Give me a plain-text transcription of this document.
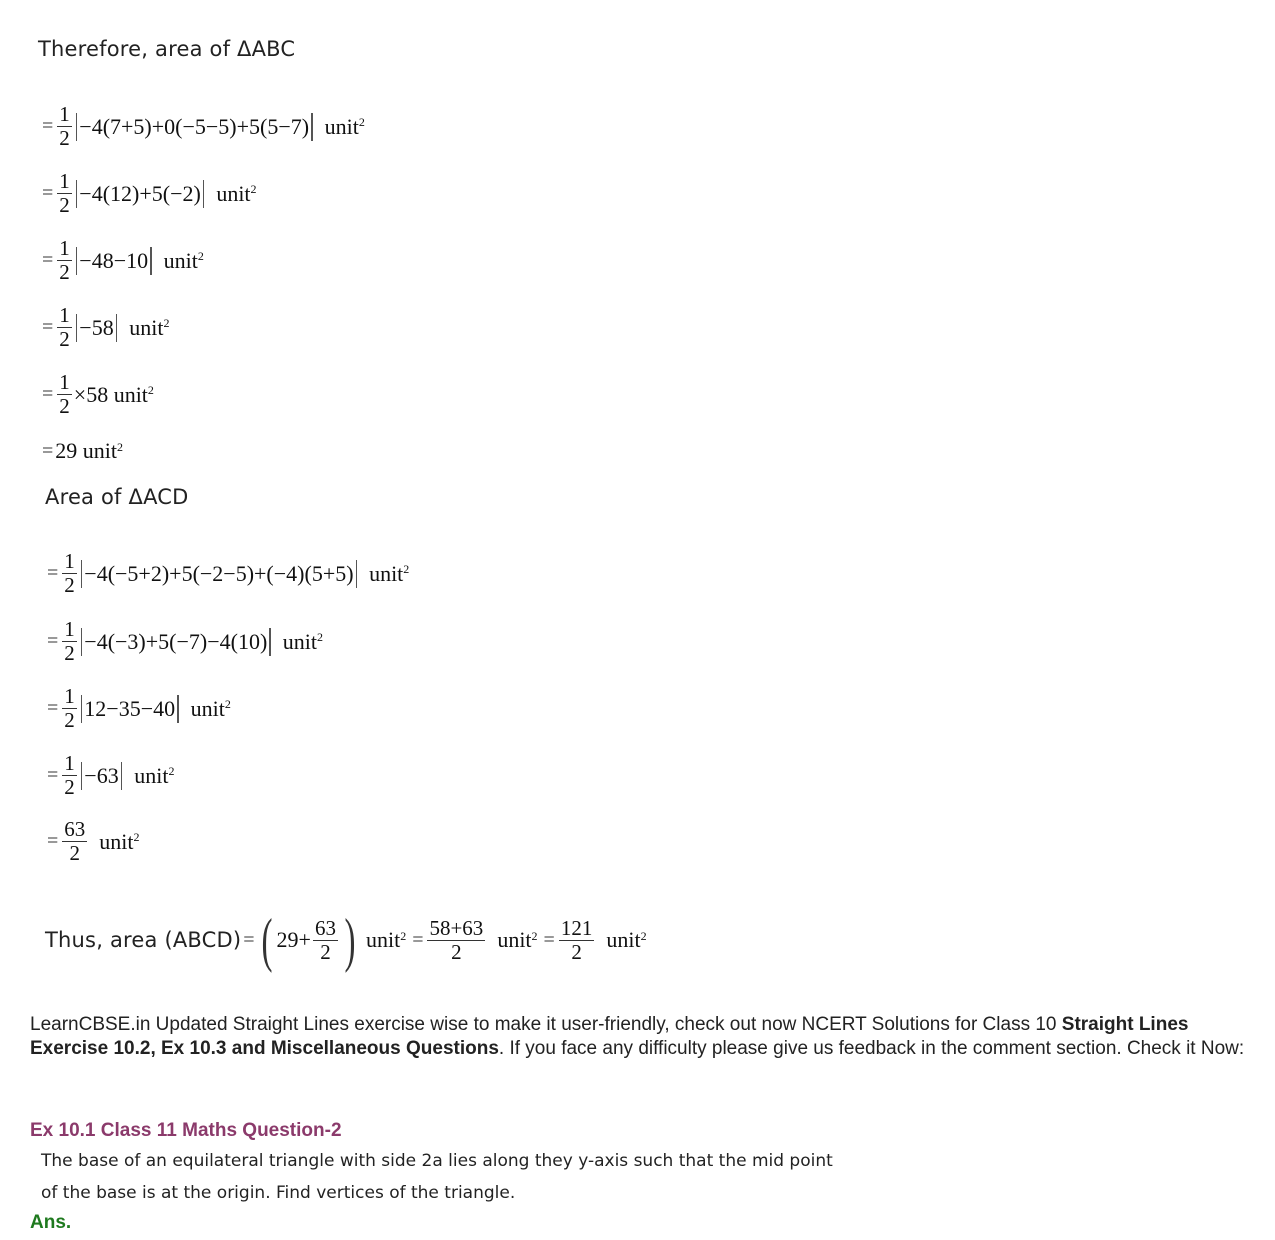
Therefore, area of ΔABC
= $\frac{1}{2} -4(7+5)+0(-5-5)+5(5-7)$ unit 2
= $\frac{1}{2} -4(12)+5(-2)$ unit 2
= $\frac{1}{2} -48-10$ unit 2
= $\frac{1}{2} -58$ unit 2
= $\frac{1}{2} \times 58$ unit 2
= 29 unit 2
Area of ΔACD
= $\frac{1}{2} -4(-5+2)+5(-2-5)+(-4)(5+5)$ unit 2
= $\frac{1}{2} -4(-3)+5(-7)-4(10)$ unit 2
= $\frac{1}{2} 12-35-40$ unit 2
= $\frac{1}{2} -63$ unit 2
= $\frac{63}{2}$ unit 2
Thus, area (ABCD) = ( $29+ \frac{63}{2}$ ) unit $2 = \frac{58+63}{2}$ unit $2 = \frac{121}{2}$ unit 2
LearnCBSE.in Updated Straight Lines exercise wise to make it user-friendly, check out now NCERT Solutions for Class 10 Straight Lines Exercise 10.2, Ex 10.3 and Miscellaneous Questions. If you face any difficulty please give us feedback in the comment section. Check it Now:
Ex 10.1 Class 11 Maths Question-2
The base of an equilateral triangle with side 2a lies along they y-axis such that the mid point
of the base is at the origin. Find vertices of the triangle.
Ans.
